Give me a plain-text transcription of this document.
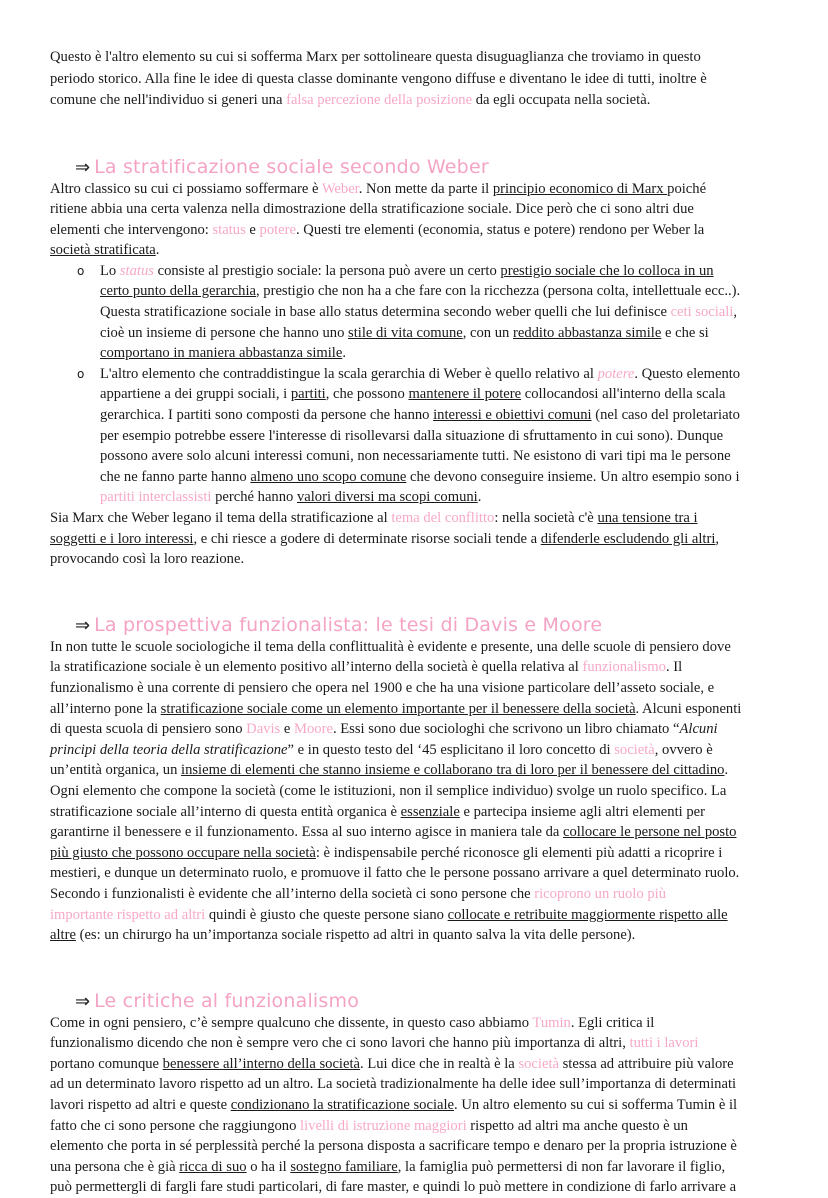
Questo è l'altro elemento su cui si sofferma Marx per sottolineare questa disuguaglianza che troviamo in questo
periodo storico. Alla fine le idee di questa classe dominante vengono diffuse e diventano le idee di tutti, inoltre è
comune che nell'individuo si generi una falsa percezione della posizione da egli occupata nella società.
⇒ La stratificazione sociale secondo Weber
Altro classico su cui ci possiamo soffermare è Weber. Non mette da parte il principio economico di Marx poiché
ritiene abbia una certa valenza nella dimostrazione della stratificazione sociale. Dice però che ci sono altri due
elementi che intervengono: status e potere. Questi tre elementi (economia, status e potere) rendono per Weber la
società stratificata.
o Lo status consiste al prestigio sociale: la persona può avere un certo prestigio sociale che lo colloca in un
certo punto della gerarchia, prestigio che non ha a che fare con la ricchezza (persona colta, intellettuale ecc..).
Questa stratificazione sociale in base allo status determina secondo weber quelli che lui definisce ceti sociali,
cioè un insieme di persone che hanno uno stile di vita comune, con un reddito abbastanza simile e che si
comportano in maniera abbastanza simile.
o L'altro elemento che contraddistingue la scala gerarchia di Weber è quello relativo al potere. Questo elemento
appartiene a dei gruppi sociali, i partiti, che possono mantenere il potere collocandosi all'interno della scala
gerarchica. I partiti sono composti da persone che hanno interessi e obiettivi comuni (nel caso del proletariato
per esempio potrebbe essere l'interesse di risollevarsi dalla situazione di sfruttamento in cui sono). Dunque
possono avere solo alcuni interessi comuni, non necessariamente tutti. Ne esistono di vari tipi ma le persone
che ne fanno parte hanno almeno uno scopo comune che devono conseguire insieme. Un altro esempio sono i
partiti interclassisti perché hanno valori diversi ma scopi comuni.
Sia Marx che Weber legano il tema della stratificazione al tema del conflitto: nella società c'è una tensione tra i
soggetti e i loro interessi, e chi riesce a godere di determinate risorse sociali tende a difenderle escludendo gli altri,
provocando così la loro reazione.
⇒ La prospettiva funzionalista: le tesi di Davis e Moore
In non tutte le scuole sociologiche il tema della conflittualità è evidente e presente, una delle scuole di pensiero dove
la stratificazione sociale è un elemento positivo all’interno della società è quella relativa al funzionalismo. Il
funzionalismo è una corrente di pensiero che opera nel 1900 e che ha una visione particolare dell’asseto sociale, e
all’interno pone la stratificazione sociale come un elemento importante per il benessere della società. Alcuni esponenti
di questa scuola di pensiero sono Davis e Moore. Essi sono due sociologhi che scrivono un libro chiamato “Alcuni
principi della teoria della stratificazione” e in questo testo del ‘45 esplicitano il loro concetto di società, ovvero è
un’entità organica, un insieme di elementi che stanno insieme e collaborano tra di loro per il benessere del cittadino.
Ogni elemento che compone la società (come le istituzioni, non il semplice individuo) svolge un ruolo specifico. La
stratificazione sociale all’interno di questa entità organica è essenziale e partecipa insieme agli altri elementi per
garantirne il benessere e il funzionamento. Essa al suo interno agisce in maniera tale da collocare le persone nel posto
più giusto che possono occupare nella società: è indispensabile perché riconosce gli elementi più adatti a ricoprire i
mestieri, e dunque un determinato ruolo, e promuove il fatto che le persone possano arrivare a quel determinato ruolo.
Secondo i funzionalisti è evidente che all’interno della società ci sono persone che ricoprono un ruolo più
importante rispetto ad altri quindi è giusto che queste persone siano collocate e retribuite maggiormente rispetto alle
altre (es: un chirurgo ha un’importanza sociale rispetto ad altri in quanto salva la vita delle persone).
⇒ Le critiche al funzionalismo
Come in ogni pensiero, c’è sempre qualcuno che dissente, in questo caso abbiamo Tumin. Egli critica il
funzionalismo dicendo che non è sempre vero che ci sono lavori che hanno più importanza di altri, tutti i lavori
portano comunque benessere all’interno della società. Lui dice che in realtà è la società stessa ad attribuire più valore
ad un determinato lavoro rispetto ad un altro. La società tradizionalmente ha delle idee sull’importanza di determinati
lavori rispetto ad altri e queste condizionano la stratificazione sociale. Un altro elemento su cui si sofferma Tumin è il
fatto che ci sono persone che raggiungono livelli di istruzione maggiori rispetto ad altri ma anche questo è un
elemento che porta in sé perplessità perché la persona disposta a sacrificare tempo e denaro per la propria istruzione è
una persona che è già ricca di suo o ha il sostegno familiare, la famiglia può permettersi di non far lavorare il figlio,
può permettergli di fargli fare studi particolari, di fare master, e quindi lo può mettere in condizione di farlo arrivare a
